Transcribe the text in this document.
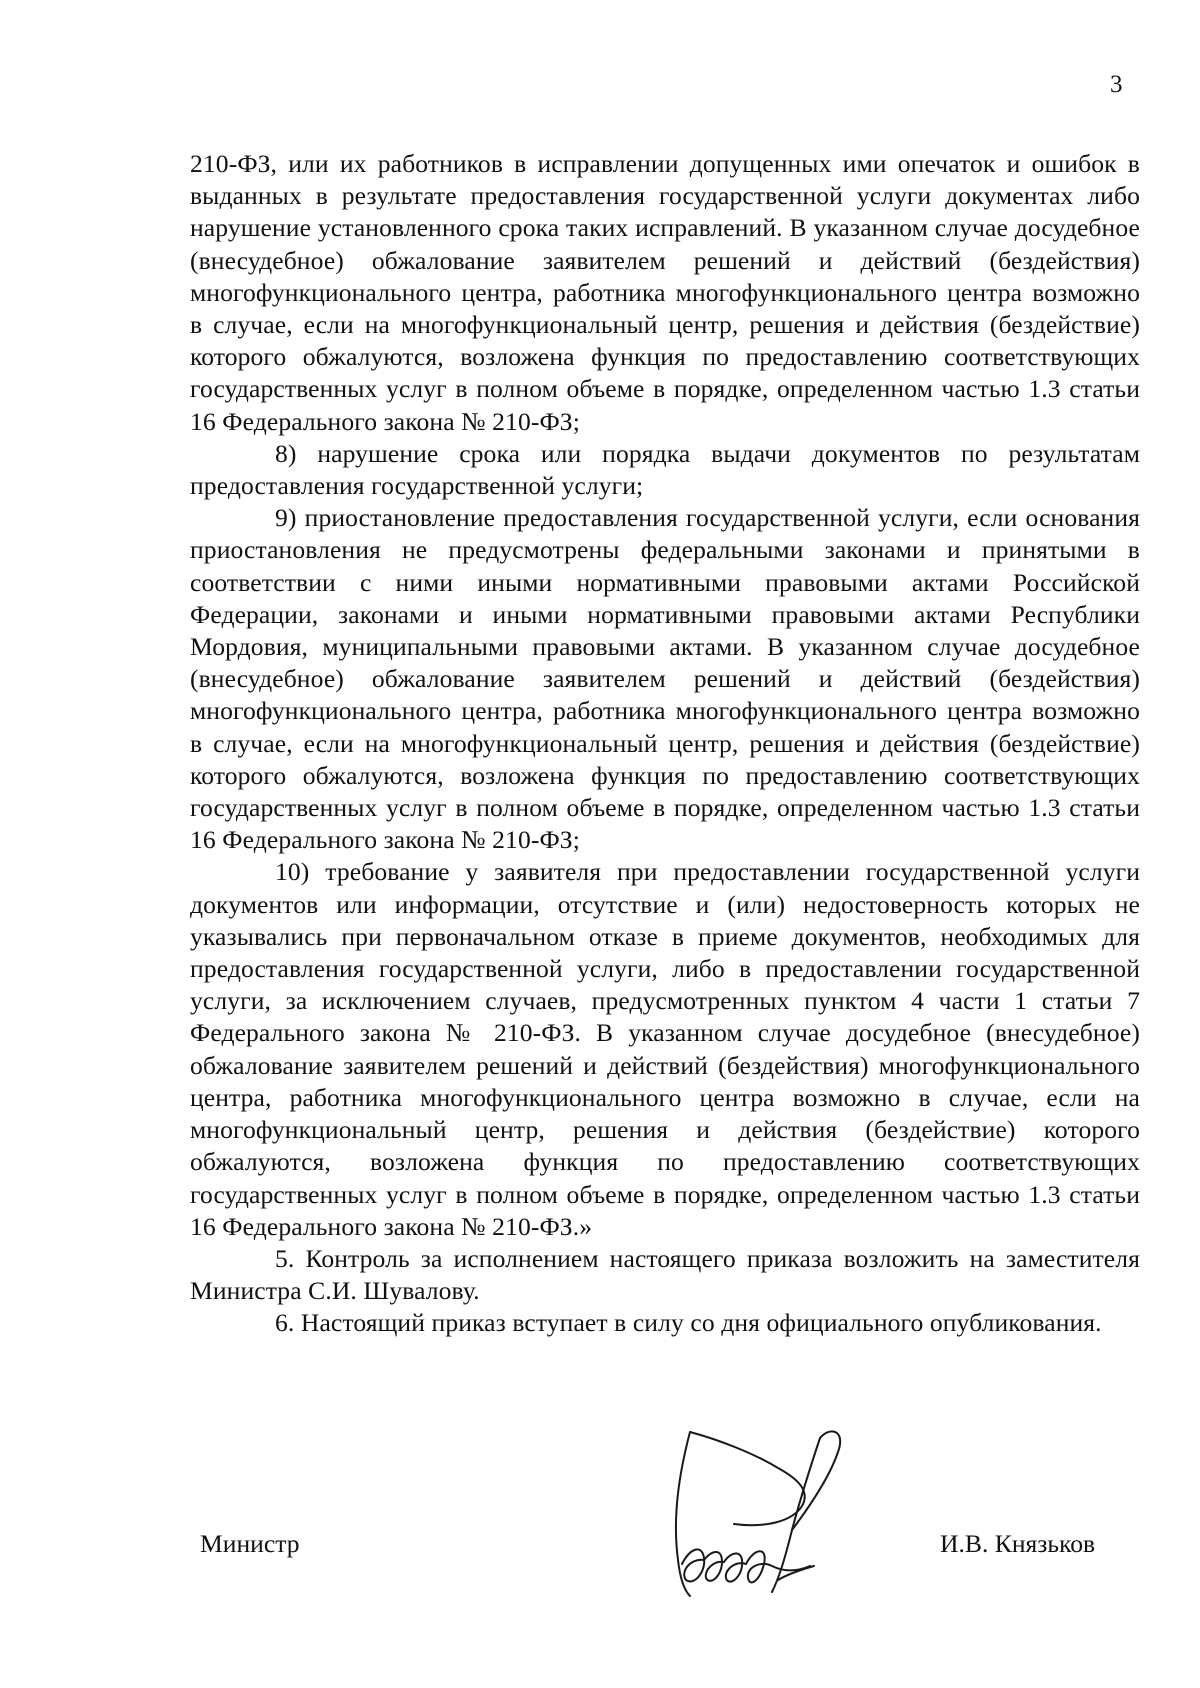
3

210-ФЗ, или их работников в исправлении допущенных ими опечаток и ошибок в выданных в результате предоставления государственной услуги документах либо нарушение установленного срока таких исправлений. В указанном случае досудебное (внесудебное) обжалование заявителем решений и действий (бездействия) многофункционального центра, работника многофункционального центра возможно в случае, если на многофункциональный центр, решения и действия (бездействие) которого обжалуются, возложена функция по предоставлению соответствующих государственных услуг в полном объеме в порядке, определенном частью 1.3 статьи 16 Федерального закона № 210-ФЗ;

8) нарушение срока или порядка выдачи документов по результатам предоставления государственной услуги;

9) приостановление предоставления государственной услуги, если основания приостановления не предусмотрены федеральными законами и принятыми в соответствии с ними иными нормативными правовыми актами Российской Федерации, законами и иными нормативными правовыми актами Республики Мордовия, муниципальными правовыми актами. В указанном случае досудебное (внесудебное) обжалование заявителем решений и действий (бездействия) многофункционального центра, работника многофункционального центра возможно в случае, если на многофункциональный центр, решения и действия (бездействие) которого обжалуются, возложена функция по предоставлению соответствующих государственных услуг в полном объеме в порядке, определенном частью 1.3 статьи 16 Федерального закона № 210-ФЗ;

10) требование у заявителя при предоставлении государственной услуги документов или информации, отсутствие и (или) недостоверность которых не указывались при первоначальном отказе в приеме документов, необходимых для предоставления государственной услуги, либо в предоставлении государственной услуги, за исключением случаев, предусмотренных пунктом 4 части 1 статьи 7 Федерального закона № 210-ФЗ. В указанном случае досудебное (внесудебное) обжалование заявителем решений и действий (бездействия) многофункционального центра, работника многофункционального центра возможно в случае, если на многофункциональный центр, решения и действия (бездействие) которого обжалуются, возложена функция по предоставлению соответствующих государственных услуг в полном объеме в порядке, определенном частью 1.3 статьи 16 Федерального закона № 210-ФЗ.»

5. Контроль за исполнением настоящего приказа возложить на заместителя Министра С.И. Шувалову.

6. Настоящий приказ вступает в силу со дня официального опубликования.

Министр	И.В. Князьков
